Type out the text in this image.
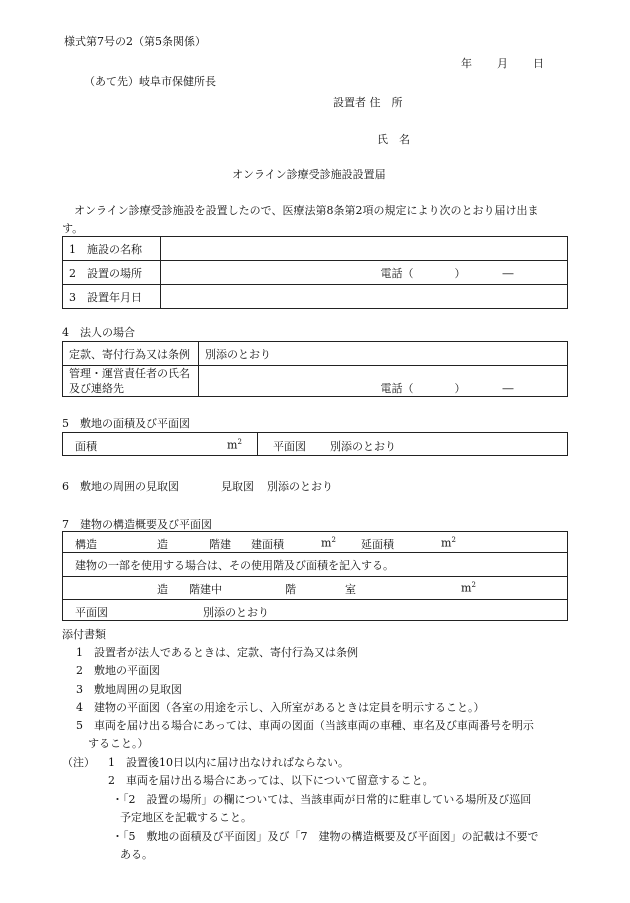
様式第7号の2（第5条関係）
年 月 日
（あて先）岐阜市保健所長
設置者 住　所
氏　名
オンライン診療受診施設設置届
オンライン診療受診施設を設置したので、医療法第8条第2項の規定により次のとおり届け出ま
す。
1　施設の名称	
2　設置の場所	電話（ ） ―

3　設置年月日	
4　法人の場合
定款、寄付行為又は条例	別添のとおり

管理・運営責任者の氏名
及び連絡先	電話（ ） ―
5　敷地の面積及び平面図
面積	$m^2$	平面図 別添のとおり
6　敷地の周囲の見取図	見取図 別添のとおり
7　建物の構造概要及び平面図
構造	造	階建 建面積	$m^2$ 延面積	$m^2$
建物の一部を使用する場合は、その使用階及び面積を記入する。
造 階建中	階	室	$m^2$
平面図	別添のとおり
添付書類
1　設置者が法人であるときは、定款、寄付行為又は条例
2　敷地の平面図
3　敷地周囲の見取図
4　建物の平面図（各室の用途を示し、入所室があるときは定員を明示すること。）
5　車両を届け出る場合にあっては、車両の図面（当該車両の車種、車名及び車両番号を明示
すること。）
（注） 1　設置後10日以内に届け出なければならない。
2　車両を届け出る場合にあっては、以下について留意すること。
・「2　設置の場所」の欄については、当該車両が日常的に駐車している場所及び巡回
予定地区を記載すること。
・「5　敷地の面積及び平面図」及び「7　建物の構造概要及び平面図」の記載は不要で
ある。
